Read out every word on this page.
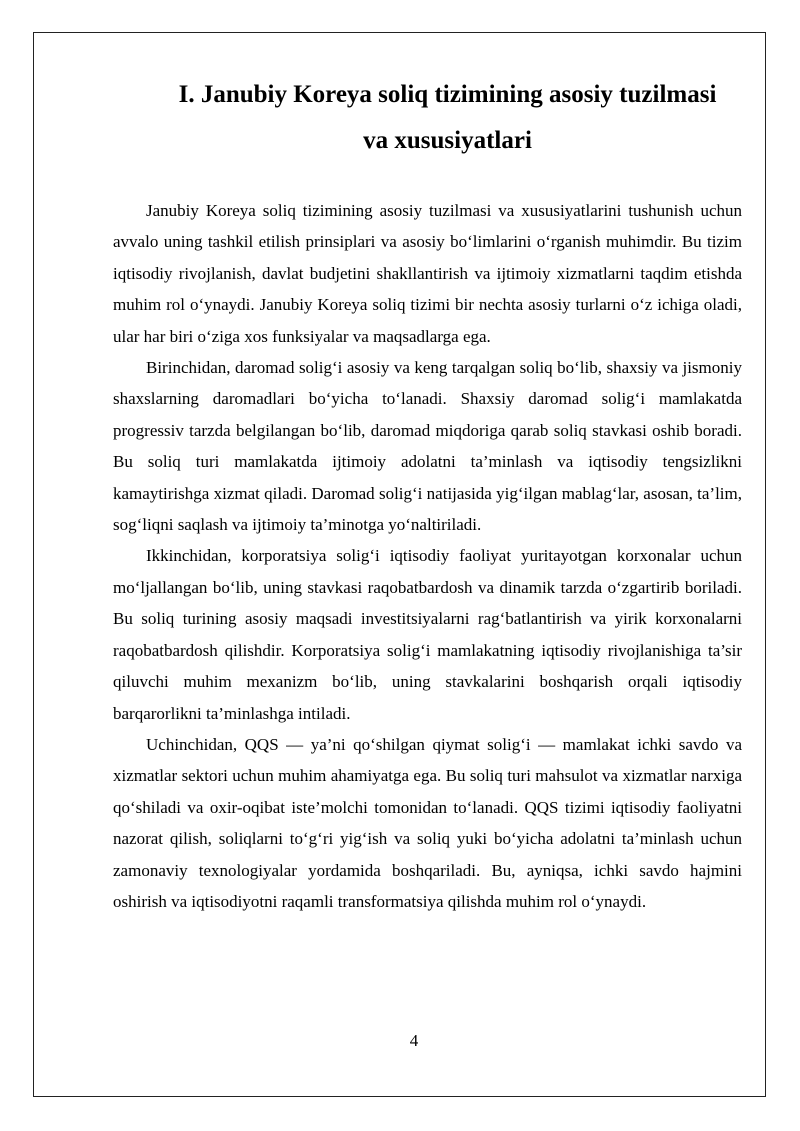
I. Janubiy Koreya soliq tizimining asosiy tuzilmasi
va xususiyatlari

Janubiy Koreya soliq tizimining asosiy tuzilmasi va xususiyatlarini tushunish uchun avvalo uning tashkil etilish prinsiplari va asosiy bo‘limlarini o‘rganish muhimdir. Bu tizim iqtisodiy rivojlanish, davlat budjetini shakllantirish va ijtimoiy xizmatlarni taqdim etishda muhim rol o‘ynaydi. Janubiy Koreya soliq tizimi bir nechta asosiy turlarni o‘z ichiga oladi, ular har biri o‘ziga xos funksiyalar va maqsadlarga ega.

Birinchidan, daromad solig‘i asosiy va keng tarqalgan soliq bo‘lib, shaxsiy va jismoniy shaxslarning daromadlari bo‘yicha to‘lanadi. Shaxsiy daromad solig‘i mamlakatda progressiv tarzda belgilangan bo‘lib, daromad miqdoriga qarab soliq stavkasi oshib boradi. Bu soliq turi mamlakatda ijtimoiy adolatni ta’minlash va iqtisodiy tengsizlikni kamaytirishga xizmat qiladi. Daromad solig‘i natijasida yig‘ilgan mablag‘lar, asosan, ta’lim, sog‘liqni saqlash va ijtimoiy ta’minotga yo‘naltiriladi.

Ikkinchidan, korporatsiya solig‘i iqtisodiy faoliyat yuritayotgan korxonalar uchun mo‘ljallangan bo‘lib, uning stavkasi raqobatbardosh va dinamik tarzda o‘zgartirib boriladi. Bu soliq turining asosiy maqsadi investitsiyalarni rag‘batlantirish va yirik korxonalarni raqobatbardosh qilishdir. Korporatsiya solig‘i mamlakatning iqtisodiy rivojlanishiga ta’sir qiluvchi muhim mexanizm bo‘lib, uning stavkalarini boshqarish orqali iqtisodiy barqarorlikni ta’minlashga intiladi.

Uchinchidan, QQS — ya’ni qo‘shilgan qiymat solig‘i — mamlakat ichki savdo va xizmatlar sektori uchun muhim ahamiyatga ega. Bu soliq turi mahsulot va xizmatlar narxiga qo‘shiladi va oxir-oqibat iste’molchi tomonidan to‘lanadi. QQS tizimi iqtisodiy faoliyatni nazorat qilish, soliqlarni to‘g‘ri yig‘ish va soliq yuki bo‘yicha adolatni ta’minlash uchun zamonaviy texnologiyalar yordamida boshqariladi. Bu, ayniqsa, ichki savdo hajmini oshirish va iqtisodiyotni raqamli transformatsiya qilishda muhim rol o‘ynaydi.

4
